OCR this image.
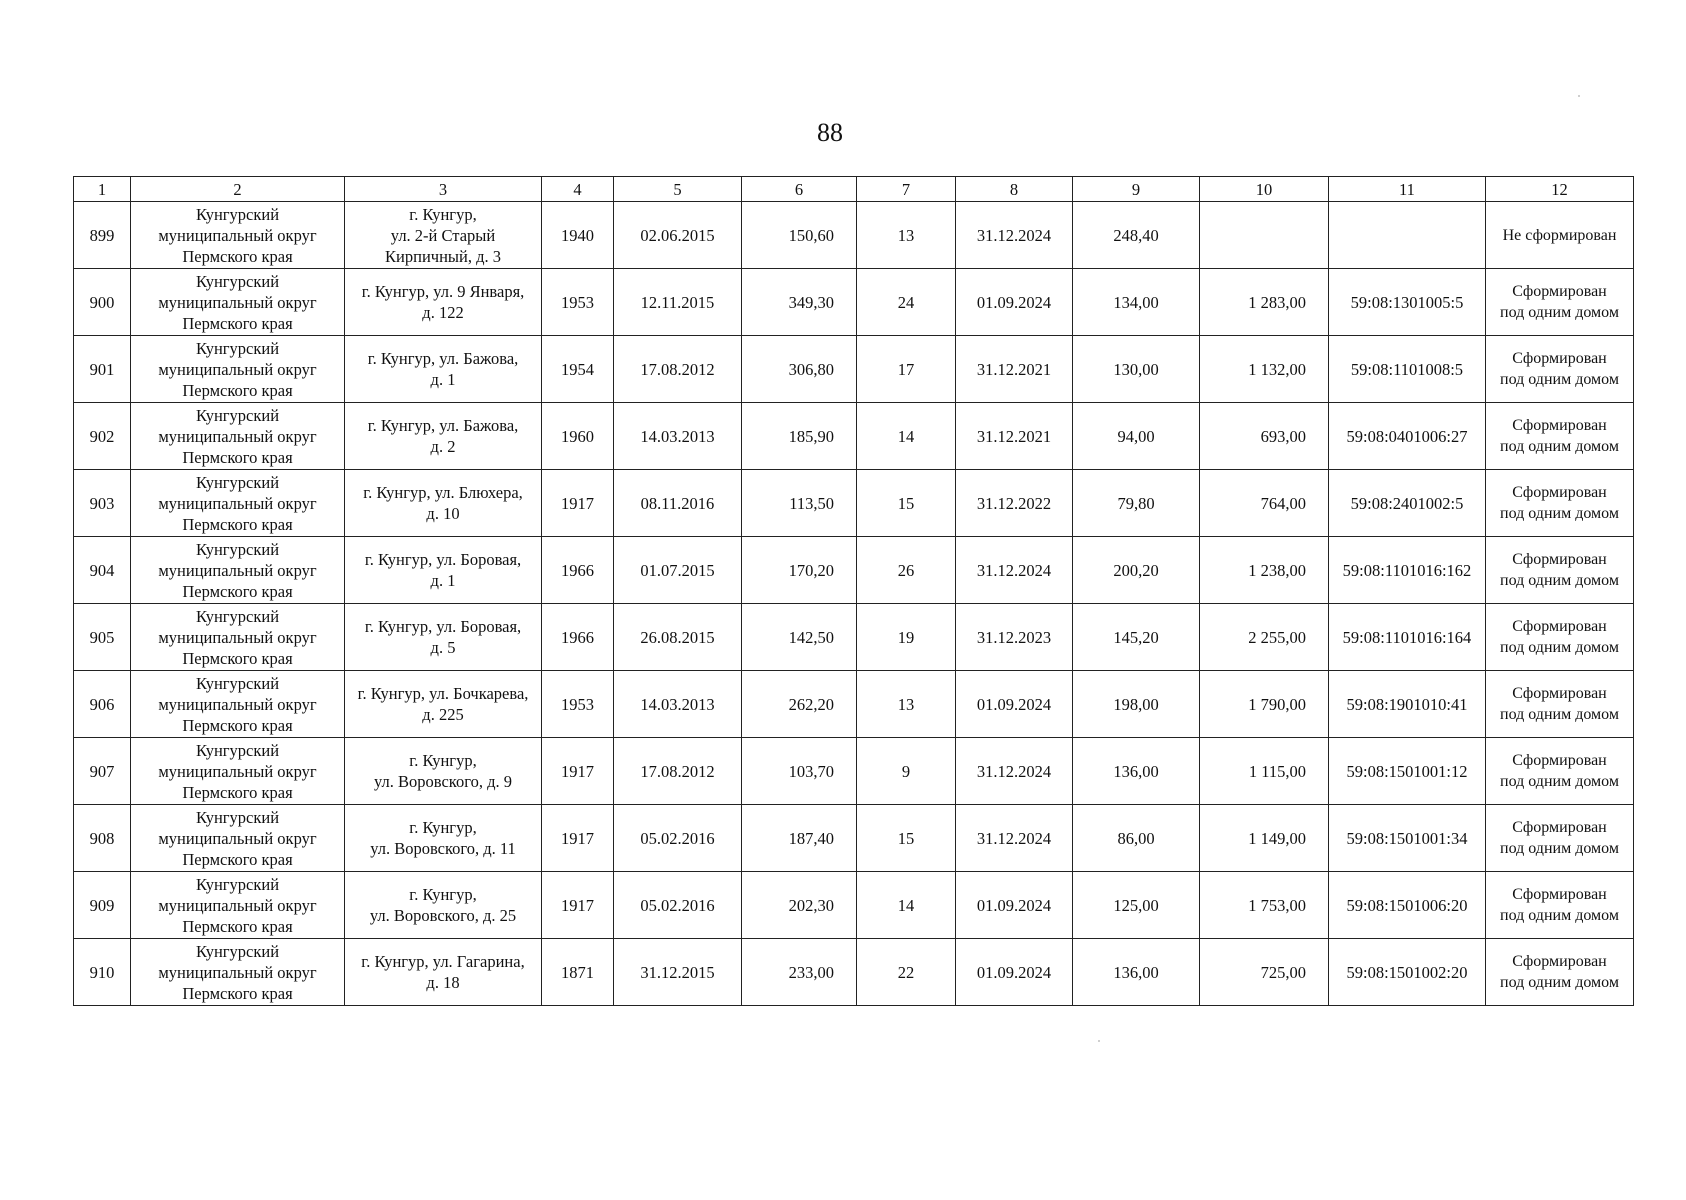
88
1	2	3	4	5	6	7	8	9	10	11	12
899	Кунгурский
муниципальный округ
Пермского края	г. Кунгур,
ул. 2-й Старый
Кирпичный, д. 3	1940	02.06.2015	150,60	13	31.12.2024	248,40			Не сформирован
900	Кунгурский
муниципальный округ
Пермского края	г. Кунгур, ул. 9 Января,
д. 122	1953	12.11.2015	349,30	24	01.09.2024	134,00	1 283,00	59:08:1301005:5	Сформирован
под одним домом
901	Кунгурский
муниципальный округ
Пермского края	г. Кунгур, ул. Бажова,
д. 1	1954	17.08.2012	306,80	17	31.12.2021	130,00	1 132,00	59:08:1101008:5	Сформирован
под одним домом
902	Кунгурский
муниципальный округ
Пермского края	г. Кунгур, ул. Бажова,
д. 2	1960	14.03.2013	185,90	14	31.12.2021	94,00	693,00	59:08:0401006:27	Сформирован
под одним домом
903	Кунгурский
муниципальный округ
Пермского края	г. Кунгур, ул. Блюхера,
д. 10	1917	08.11.2016	113,50	15	31.12.2022	79,80	764,00	59:08:2401002:5	Сформирован
под одним домом
904	Кунгурский
муниципальный округ
Пермского края	г. Кунгур, ул. Боровая,
д. 1	1966	01.07.2015	170,20	26	31.12.2024	200,20	1 238,00	59:08:1101016:162	Сформирован
под одним домом
905	Кунгурский
муниципальный округ
Пермского края	г. Кунгур, ул. Боровая,
д. 5	1966	26.08.2015	142,50	19	31.12.2023	145,20	2 255,00	59:08:1101016:164	Сформирован
под одним домом
906	Кунгурский
муниципальный округ
Пермского края	г. Кунгур, ул. Бочкарева,
д. 225	1953	14.03.2013	262,20	13	01.09.2024	198,00	1 790,00	59:08:1901010:41	Сформирован
под одним домом
907	Кунгурский
муниципальный округ
Пермского края	г. Кунгур,
ул. Воровского, д. 9	1917	17.08.2012	103,70	9	31.12.2024	136,00	1 115,00	59:08:1501001:12	Сформирован
под одним домом
908	Кунгурский
муниципальный округ
Пермского края	г. Кунгур,
ул. Воровского, д. 11	1917	05.02.2016	187,40	15	31.12.2024	86,00	1 149,00	59:08:1501001:34	Сформирован
под одним домом
909	Кунгурский
муниципальный округ
Пермского края	г. Кунгур,
ул. Воровского, д. 25	1917	05.02.2016	202,30	14	01.09.2024	125,00	1 753,00	59:08:1501006:20	Сформирован
под одним домом
910	Кунгурский
муниципальный округ
Пермского края	г. Кунгур, ул. Гагарина,
д. 18	1871	31.12.2015	233,00	22	01.09.2024	136,00	725,00	59:08:1501002:20	Сформирован
под одним домом
